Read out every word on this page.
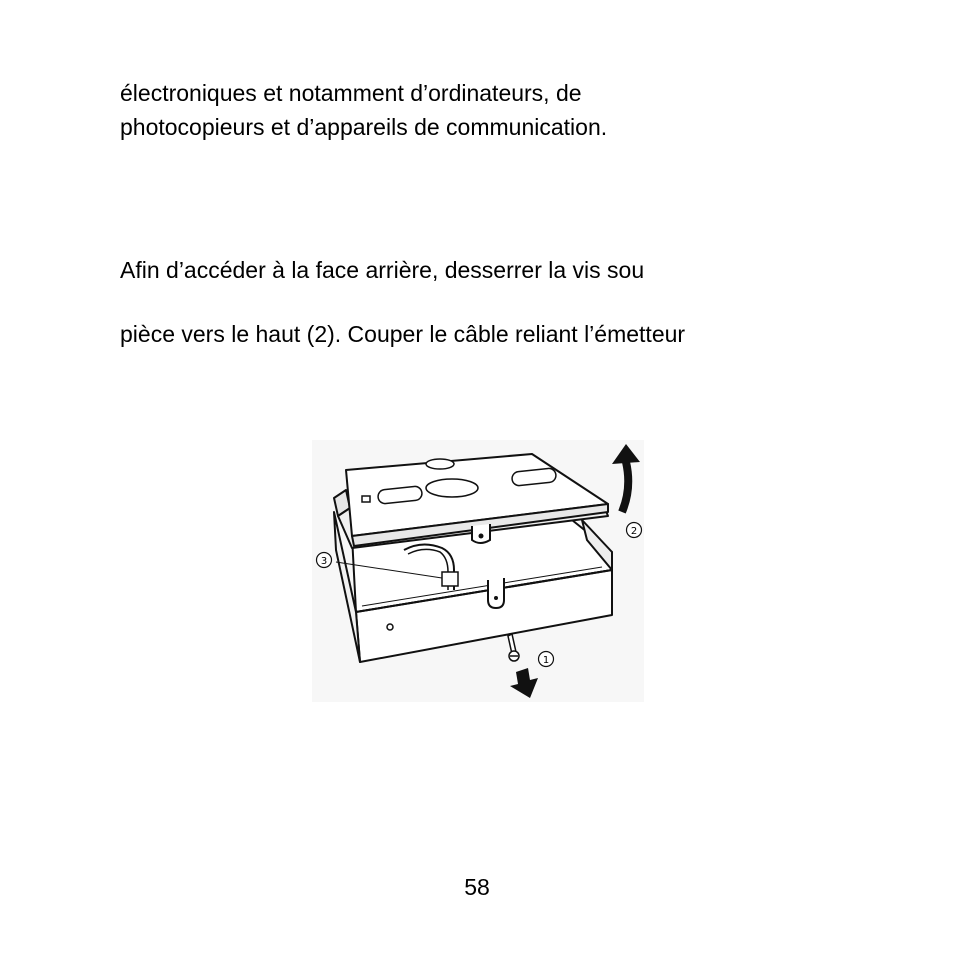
électroniques et notamment d’ordinateurs, de
photocopieurs et d’appareils de communication.
Afin d’accéder à la face arrière, desserrer la vis sou
pièce vers le haut (2). Couper le câble reliant l’émetteur
3
2
1
58
